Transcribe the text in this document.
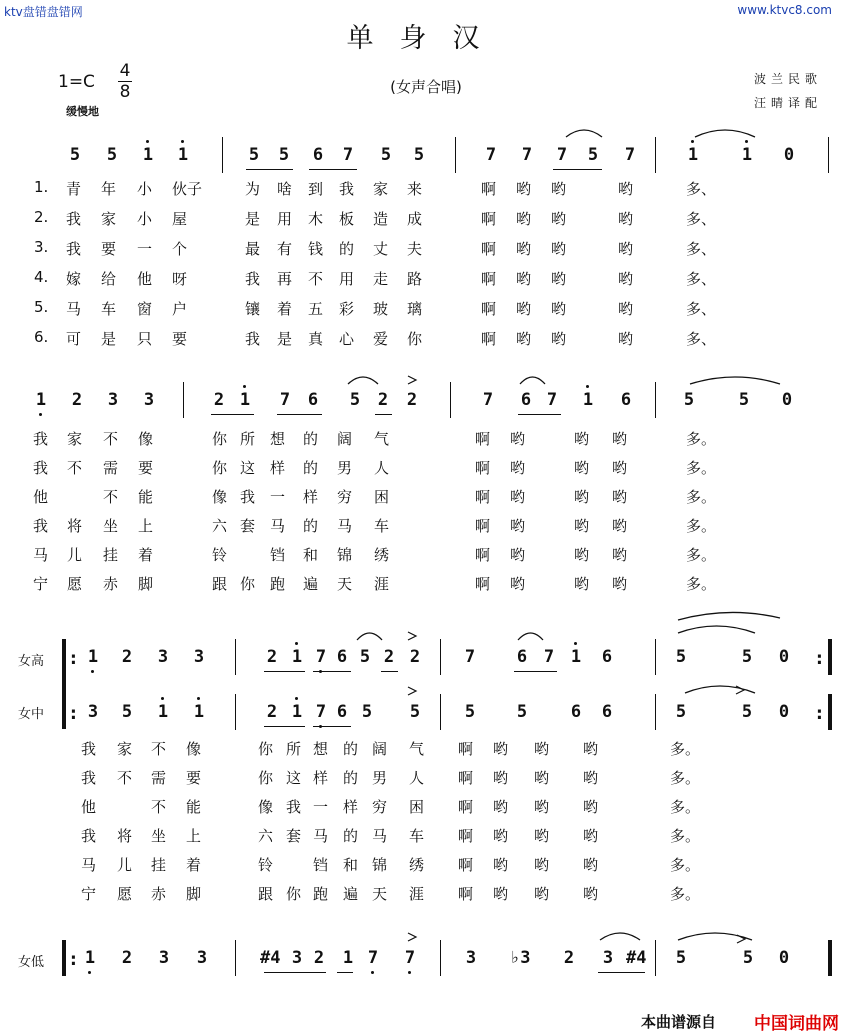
ktv盘错盘错网	www.ktvc8.com
单身汉
(女声合唱)
1=C
4
8
缓慢地
波兰民歌
汪晴译配
5 5 1 1	5 5 6 7 5 5	7 7 7 5 7	1	1 0
1. 青 年 小 伙子	为 啥 到 我 家 来	啊 哟 哟	哟	多、
2. 我 家 小 屋	是 用 木 板 造 成	啊 哟 哟	哟	多、
3. 我 要 一 个	最 有 钱 的 丈 夫	啊 哟 哟	哟	多、
4. 嫁 给 他 呀	我 再 不 用 走 路	啊 哟 哟	哟	多、
5. 马 车 窗 户	镶 着 五 彩 玻 璃	啊 哟 哟	哟	多、
6. 可 是 只 要	我 是 真 心 爱 你	啊 哟 哟	哟	多、
1 2 3 3	2 1 7 6 5 2 2	7 6 7 1 6	5	5 0
我 家 不 像	你 所 想 的 阔 气	啊 哟	哟 哟	多。
我 不 需 要	你 这 样 的 男 人	啊 哟	哟 哟	多。
他	不 能	像 我 一 样 穷 困	啊 哟	哟 哟	多。
我 将 坐 上	六 套 马 的 马 车	啊 哟	哟 哟	多。
马 儿 挂 着	铃	铛 和 锦 绣	啊 哟	哟 哟	多。
宁 愿 赤 脚	跟 你 跑 遍 天 涯	啊 哟	哟 哟	多。
1 2 3 3	2 1 7 6 5 2 2	7 6 7 1 6	5	5 0
3 5 1 1	2 1 7 6 5 5	5 5	6 6	5	5 0
我 家 不 像	你 所 想 的 阔 气 啊 哟 哟 哟	多。
我 不 需 要	你 这 样 的 男 人 啊 哟 哟 哟	多。
他	不 能	像 我 一 样 穷 困 啊 哟 哟 哟	多。
我 将 坐 上	六 套 马 的 马 车 啊 哟 哟 哟	多。
马 儿 挂 着	铃	铛 和 锦 绣 啊 哟 哟 哟	多。
宁 愿 赤 脚	跟 你 跑 遍 天 涯 啊 哟 哟 哟	多。
1 2 3 3	#4 3 2 1 7 7	3 ♭3 2 3 #4 5	5 0
:	:
:	:
:
女高
女中
女低
本曲谱源自 中国词曲网
